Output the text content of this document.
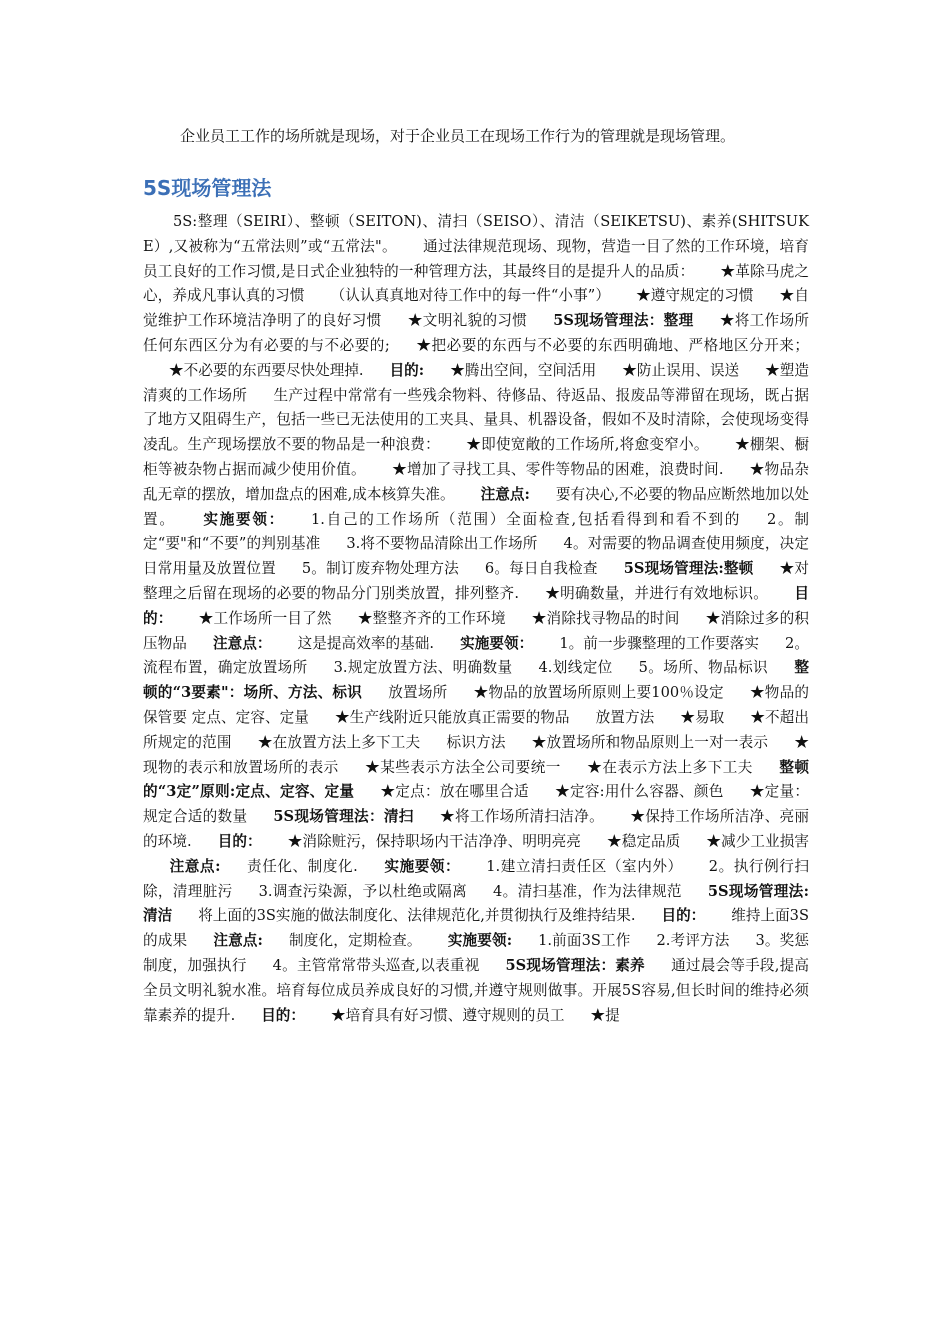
企业员工工作的场所就是现场，对于企业员工在现场工作行为的管理就是现场管理。

5S现场管理法

5S:整理（SEIRI）、整顿（SEITON)、清扫（SEISO）、清洁（SEIKETSU)、素养(SHITSUKE）,又被称为“五常法则”或“五常法"。 通过法律规范现场、现物，营造一目了然的工作环境，培育员工良好的工作习惯,是日式企业独特的一种管理方法，其最终目的是提升人的品质： ★革除马虎之心，养成凡事认真的习惯 （认认真真地对待工作中的每一件“小事”） ★遵守规定的习惯 ★自觉维护工作环境洁净明了的良好习惯 ★文明礼貌的习惯 5S现场管理法：整理 ★将工作场所任何东西区分为有必要的与不必要的; ★把必要的东西与不必要的东西明确地、严格地区分开来；★不必要的东西要尽快处理掉. 目的: ★腾出空间，空间活用 ★防止误用、误送 ★塑造清爽的工作场所 生产过程中常常有一些残余物料、待修品、待返品、报废品等滞留在现场，既占据了地方又阻碍生产，包括一些已无法使用的工夹具、量具、机器设备，假如不及时清除，会使现场变得凌乱。生产现场摆放不要的物品是一种浪费： ★即使宽敞的工作场所,将愈变窄小。 ★棚架、橱柜等被杂物占据而减少使用价值。 ★增加了寻找工具、零件等物品的困难，浪费时间. ★物品杂乱无章的摆放，增加盘点的困难,成本核算失准。 注意点: 要有决心,不必要的物品应断然地加以处置。 实施要领： 1.自己的工作场所（范围）全面检查,包括看得到和看不到的 2。制定“要"和“不要”的判别基准 3.将不要物品清除出工作场所 4。对需要的物品调查使用频度，决定日常用量及放置位置 5。制订废弃物处理方法 6。每日自我检查 5S现场管理法:整顿 ★对整理之后留在现场的必要的物品分门别类放置，排列整齐. ★明确数量，并进行有效地标识。 目的： ★工作场所一目了然 ★整整齐齐的工作环境 ★消除找寻物品的时间 ★消除过多的积压物品 注意点： 这是提高效率的基础. 实施要领： 1。前一步骤整理的工作要落实 2。流程布置，确定放置场所 3.规定放置方法、明确数量 4.划线定位 5。场所、物品标识 整顿的“3要素"：场所、方法、标识 放置场所 ★物品的放置场所原则上要100％设定 ★物品的保管要 定点、定容、定量 ★生产线附近只能放真正需要的物品 放置方法 ★易取 ★不超出所规定的范围 ★在放置方法上多下工夫 标识方法 ★放置场所和物品原则上一对一表示 ★现物的表示和放置场所的表示 ★某些表示方法全公司要统一 ★在表示方法上多下工夫 整顿的“3定”原则:定点、定容、定量 ★定点：放在哪里合适 ★定容:用什么容器、颜色 ★定量：规定合适的数量 5S现场管理法：清扫 ★将工作场所清扫洁净。 ★保持工作场所洁净、亮丽的环境. 目的： ★消除赃污，保持职场内干洁净净、明明亮亮 ★稳定品质 ★减少工业损害注意点: 责任化、制度化. 实施要领： 1.建立清扫责任区（室内外） 2。执行例行扫除，清理脏污 3.调查污染源，予以杜绝或隔离 4。清扫基准，作为法律规范 5S现场管理法:清洁 将上面的3S实施的做法制度化、法律规范化,并贯彻执行及维持结果. 目的： 维持上面3S的成果 注意点: 制度化，定期检查。 实施要领: 1.前面3S工作 2.考评方法 3。奖惩制度，加强执行 4。主管常常带头巡查,以表重视 5S现场管理法：素养 通过晨会等手段,提高全员文明礼貌水准。培育每位成员养成良好的习惯,并遵守规则做事。开展5S容易,但长时间的维持必须靠素养的提升. 目的： ★培育具有好习惯、遵守规则的员工 ★提
